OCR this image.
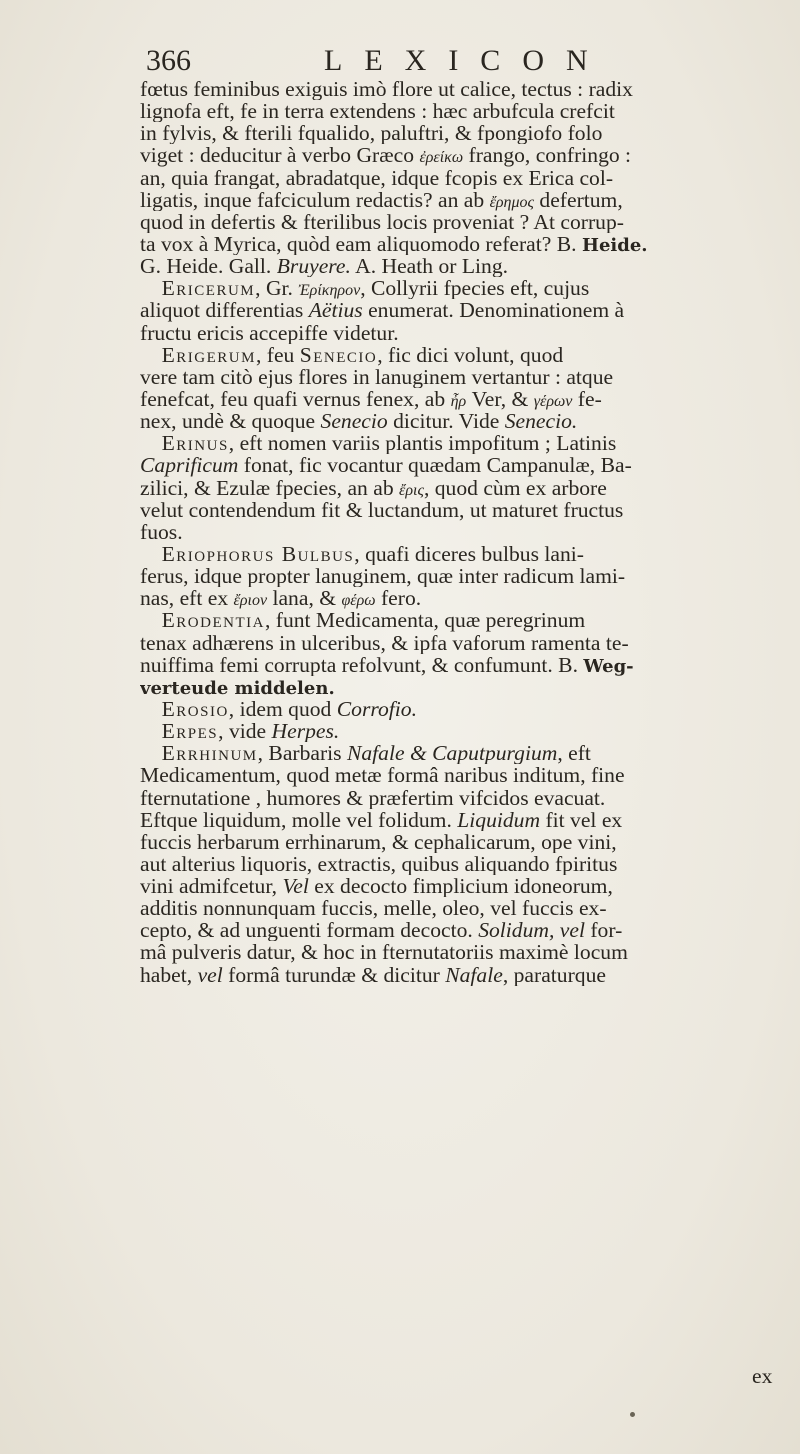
366	LEXICON
fœtus feminibus exiguis imò flore ut calice, tectus : radix
lignofa eft, fe in terra extendens : hæc arbufcula crefcit
in fylvis, & fterili fqualido, paluftri, & fpongiofo folo
viget : deducitur à verbo Græco ἐρείκω frango, confringo :
an, quia frangat, abradatque, idque fcopis ex Erica col-
ligatis, inque fafciculum redactis? an ab ἔρημος defertum,
quod in defertis & fterilibus locis proveniat ? At corrup-
ta vox à Myrica, quòd eam aliquomodo referat? B. Heide.
G. Heide. Gall. Bruyere. A. Heath or Ling.
Ericerum, Gr. Ἐρίκηρον, Collyrii fpecies eft, cujus
aliquot differentias Aëtius enumerat. Denominationem à
fructu ericis accepiffe videtur.
Erigerum, feu Senecio, fic dici volunt, quod
vere tam citò ejus flores in lanuginem vertantur : atque
fenefcat, feu quafi vernus fenex, ab ἦρ Ver, & γέρων fe-
nex, undè & quoque Senecio dicitur. Vide Senecio.
Erinus, eft nomen variis plantis impofitum ; Latinis
Caprificum fonat, fic vocantur quædam Campanulæ, Ba-
zilici, & Ezulæ fpecies, an ab ἔρις, quod cùm ex arbore
velut contendendum fit & luctandum, ut maturet fructus
fuos.
Eriophorus Bulbus, quafi diceres bulbus lani-
ferus, idque propter lanuginem, quæ inter radicum lami-
nas, eft ex ἔριον lana, & φέρω fero.
Erodentia, funt Medicamenta, quæ peregrinum
tenax adhærens in ulceribus, & ipfa vaforum ramenta te-
nuiffima femi corrupta refolvunt, & confumunt. B. Weg-
verteude middelen.
Erosio, idem quod Corrofio.
Erpes, vide Herpes.
Errhinum, Barbaris Nafale & Caputpurgium, eft
Medicamentum, quod metæ formâ naribus inditum, fine
fternutatione , humores & præfertim vifcidos evacuat.
Eftque liquidum, molle vel folidum. Liquidum fit vel ex
fuccis herbarum errhinarum, & cephalicarum, ope vini,
aut alterius liquoris, extractis, quibus aliquando fpiritus
vini admifcetur, Vel ex decocto fimplicium idoneorum,
additis nonnunquam fuccis, melle, oleo, vel fuccis ex-
cepto, & ad unguenti formam decocto. Solidum, vel for-
mâ pulveris datur, & hoc in fternutatoriis maximè locum
habet, vel formâ turundæ & dicitur Nafale, paraturque
ex
